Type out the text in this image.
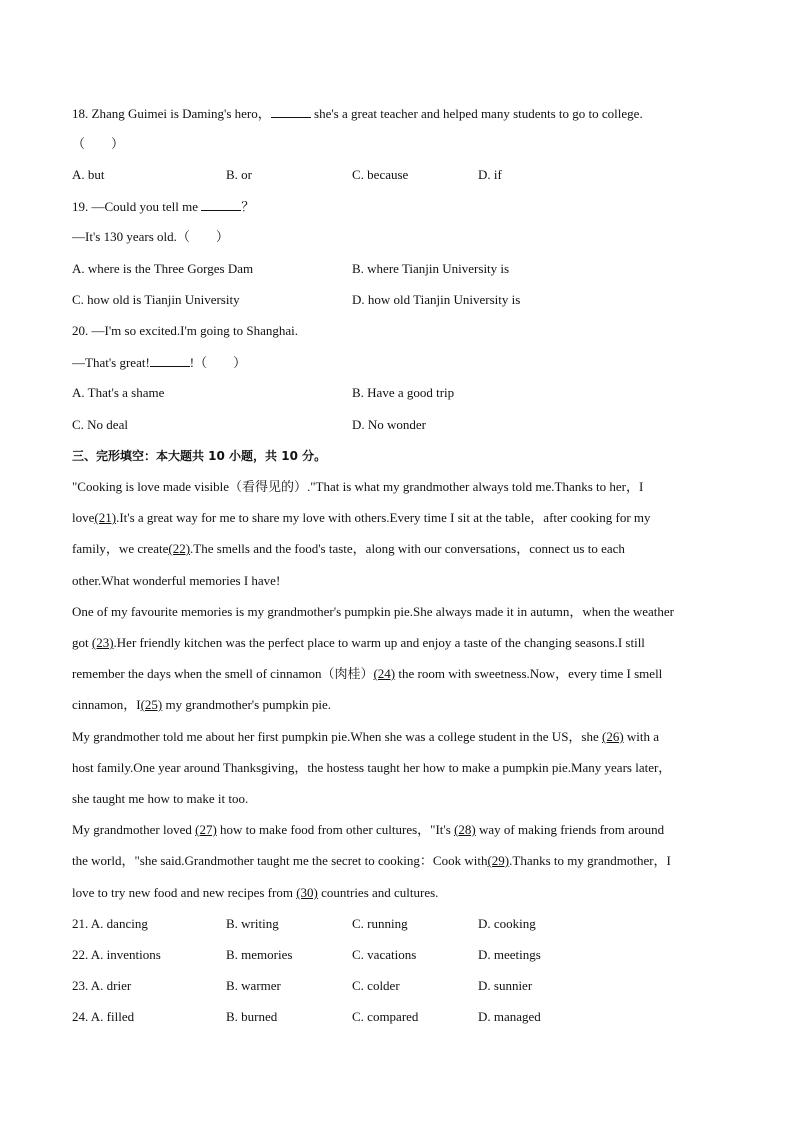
18. Zhang Guimei is Daming's hero，	she's a great teacher and helped many students to go to college.
（　　）
A. but	B. or	C. because	D. if
19. —Could you tell me	？
—It's 130 years old.（　　）
A. where is the Three Gorges Dam	B. where Tianjin University is
C. how old is Tianjin University	D. how old Tianjin University is
20. —I'm so excited.I'm going to Shanghai.
—That's great!	!（　　）
A. That's a shame	B. Have a good trip
C. No deal	D. No wonder
三、完形填空：本大题共 10 小题，共 10 分。
"Cooking is love made visible（看得见的）."That is what my grandmother always told me.Thanks to her，I
love(21).It's a great way for me to share my love with others.Every time I sit at the table，after cooking for my
family，we create(22).The smells and the food's taste，along with our conversations，connect us to each
other.What wonderful memories I have!
One of my favourite memories is my grandmother's pumpkin pie.She always made it in autumn，when the weather
got (23).Her friendly kitchen was the perfect place to warm up and enjoy a taste of the changing seasons.I still
remember the days when the smell of cinnamon（肉桂）(24) the room with sweetness.Now，every time I smell
cinnamon，I(25) my grandmother's pumpkin pie.
My grandmother told me about her first pumpkin pie.When she was a college student in the US，she (26) with a
host family.One year around Thanksgiving，the hostess taught her how to make a pumpkin pie.Many years later，
she taught me how to make it too.
My grandmother loved (27) how to make food from other cultures，"It's (28) way of making friends from around
the world，"she said.Grandmother taught me the secret to cooking：Cook with(29).Thanks to my grandmother，I
love to try new food and new recipes from (30) countries and cultures.
21. A. dancing	B. writing	C. running	D. cooking
22. A. inventions	B. memories	C. vacations	D. meetings
23. A. drier	B. warmer	C. colder	D. sunnier
24. A. filled	B. burned	C. compared	D. managed
